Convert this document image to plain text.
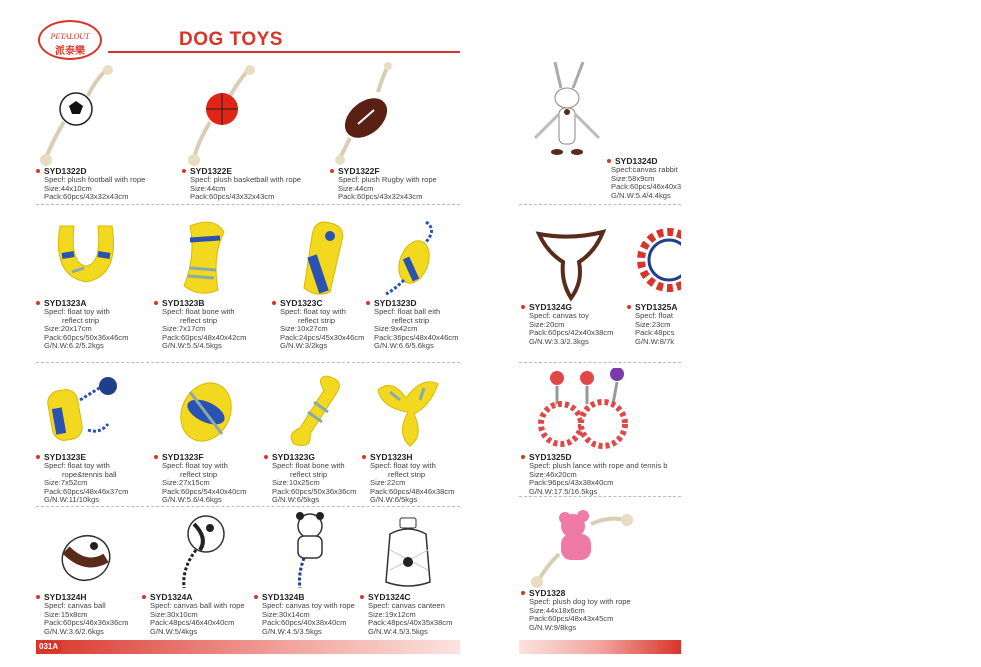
PETALOUT
派泰樂
DOG TOYS
SYD1322D
Specf: plush football with rope
Size:44x10cm
Pack:60pcs/43x32x43cm
SYD1322E
Specf: plush basketball with rope
Size:44cm
Pack:60pcs/43x32x43cm
SYD1322F
Specf: plush Rugby with rope
Size:44cm
Pack:60pcs/43x32x43cm
SYD1323A
Specf: float toy with
reflect strip
Size:20x17cm
Pack:60pcs/50x36x46cm
G/N.W:6.2/5.2kgs
SYD1323B
Specf: float bone with
reflect strip
Size:7x17cm
Pack:60pcs/48x40x42cm
G/N.W:5.5/4.5kgs
SYD1323C
Specf: float toy with
reflect strip
Size:10x27cm
Pack:24pcs/45x30x46cm
G/N.W:3/2kgs
SYD1323D
Specf: float ball eith
reflect strip
Size:9x42cm
Pack:36pcs/48x40x46cm
G/N.W:6.6/5.6kgs
SYD1323E
Specf: float toy with
rope&tennis ball
Size:7x52cm
Pack:60pcs/48x46x37cm
G/N.W:11/10kgs
SYD1323F
Specf: float toy with
reflect strip
Size:27x15cm
Pack:60pcs/54x40x40cm
G/N.W:5.6/4.6kgs
SYD1323G
Specf: float bone with
reflect strip
Size:10x25cm
Pack:60pcs/50x36x36cm
G/N.W:6/5kgs
SYD1323H
Specf: float toy with
reflect strip
Size:22cm
Pack:60pcs/48x46x38cm
G/N.W:6/5kgs
SYD1324H
Specf: canvas ball
Size:15x8cm
Pack:60pcs/46x36x36cm
G/N.W:3.6/2.6kgs
SYD1324A
Specf: canvas ball with rope
Size:30x10cm
Pack:48pcs/46x40x40cm
G/N.W:5/4kgs
SYD1324B
Specf: canvas toy with rope
Size:30x14cm
Pack:60pcs/40x38x40cm
G/N.W:4.5/3.5kgs
SYD1324C
Specf: canvas canteen
Size:19x12cm
Pack:48pcs/40x35x38cm
G/N.W:4.5/3.5kgs
SYD1324D
Specf:canvas rabbit
Size:58x9cm
Pack:60pcs/46x40x3
G/N.W:5.4/4.4kgs
SYD1324G
Specf: canvas toy
Size:20cm
Pack:60pcs/42x40x38cm
G/N.W:3.3/2.3kgs
SYD1325A
Specf: float
Size:23cm
Pack:48pcs
G/N.W:8/7k
SYD1325D
Specf: plush lance with rope and tennis b
Size:46x20cm
Pack:96pcs/43x38x40cm
G/N.W:17.5/16.5kgs
SYD1328
Specf: plush dog toy with rope
Size:44x18x6cm
Pack:60pcs/48x43x45cm
G/N.W:9/8kgs
031A
